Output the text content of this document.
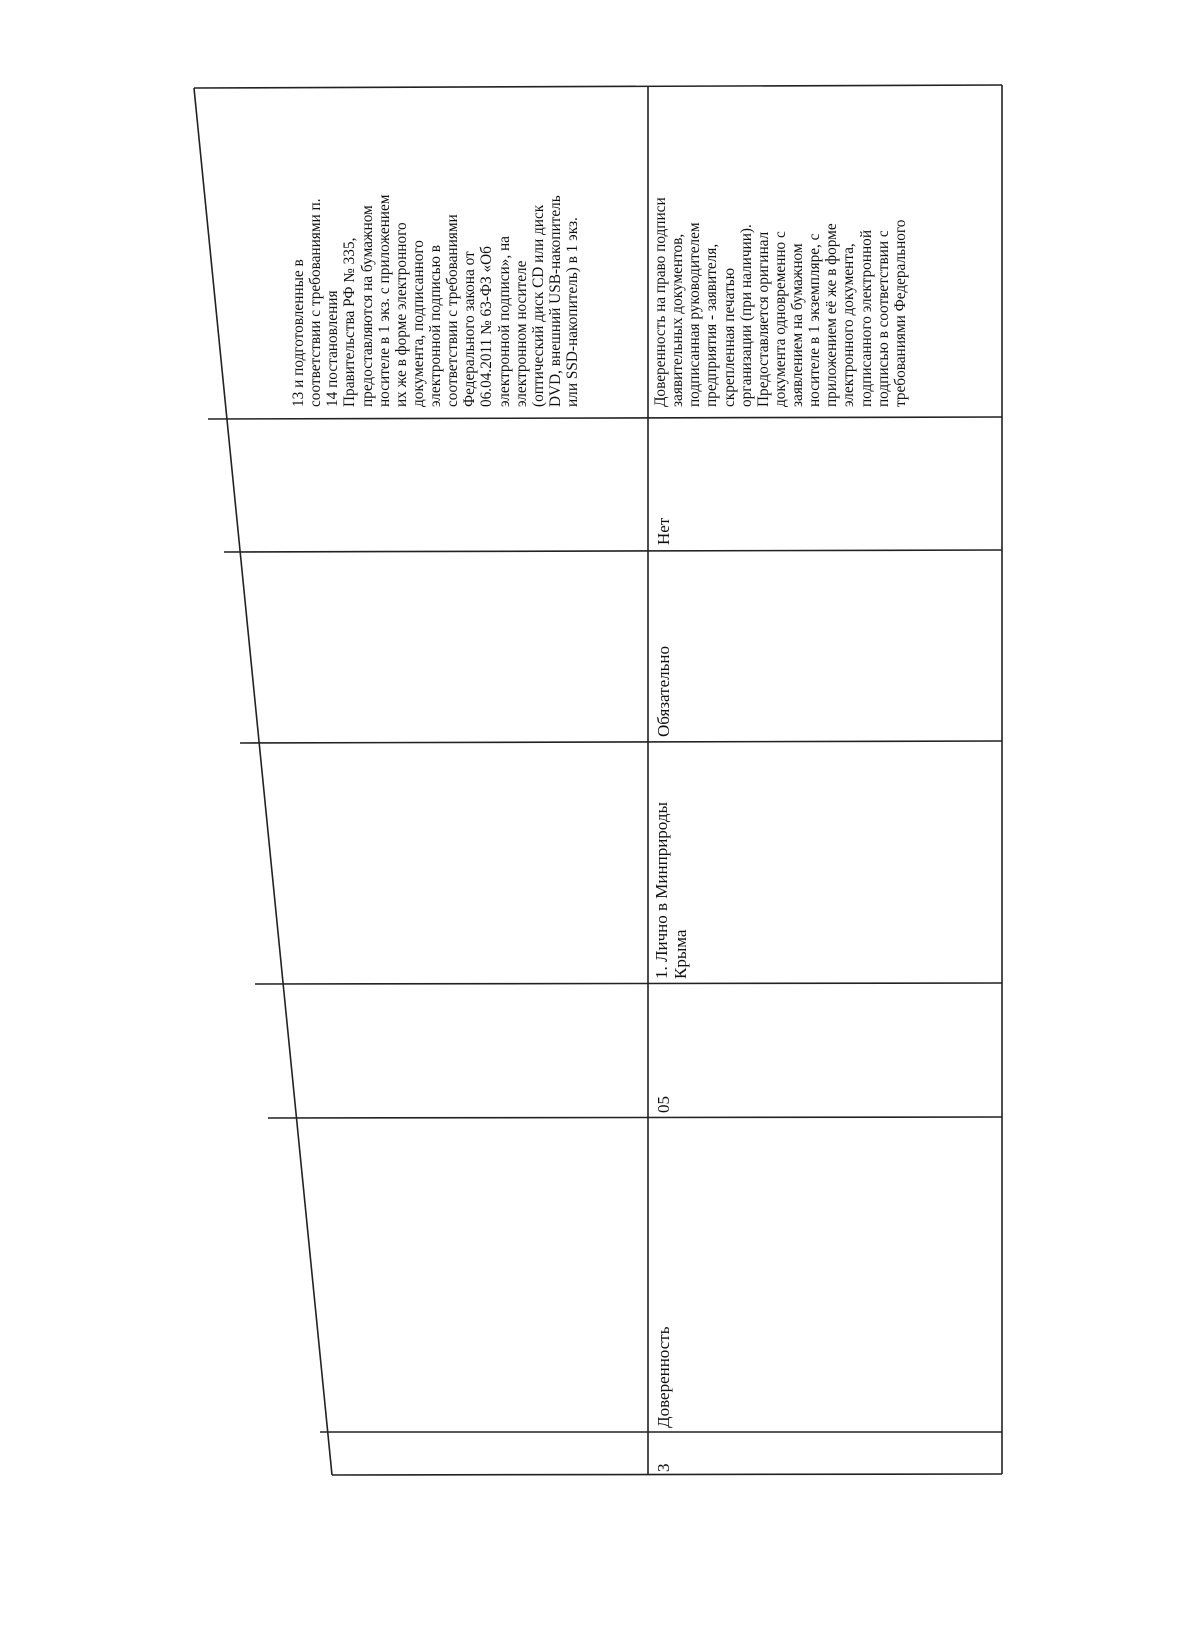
13 и подготовленные в соответствии с требованиями п. 14 постановления Правительства РФ № 335, предоставляются на бумажном носителе в 1 экз. с приложением их же в форме электронного документа, подписанного электронной подписью в соответствии с требованиями Федерального закона от 06.04.2011 № 63-ФЗ «Об электронной подписи», на электронном носителе (оптический диск CD или диск DVD, внешний USB-накопитель или SSD-накопитель) в 1 экз.
3
Доверенность
05
1. Лично в Минприроды Крыма
Обязательно
Нет
Доверенность на право подписи заявительных документов, подписанная руководителем предприятия - заявителя, скрепленная печатью организации (при наличии). Предоставляется оригинал документа одновременно с заявлением на бумажном носителе в 1 экземпляре, с приложением её же в форме электронного документа, подписанного электронной подписью в соответствии с требованиями Федерального
